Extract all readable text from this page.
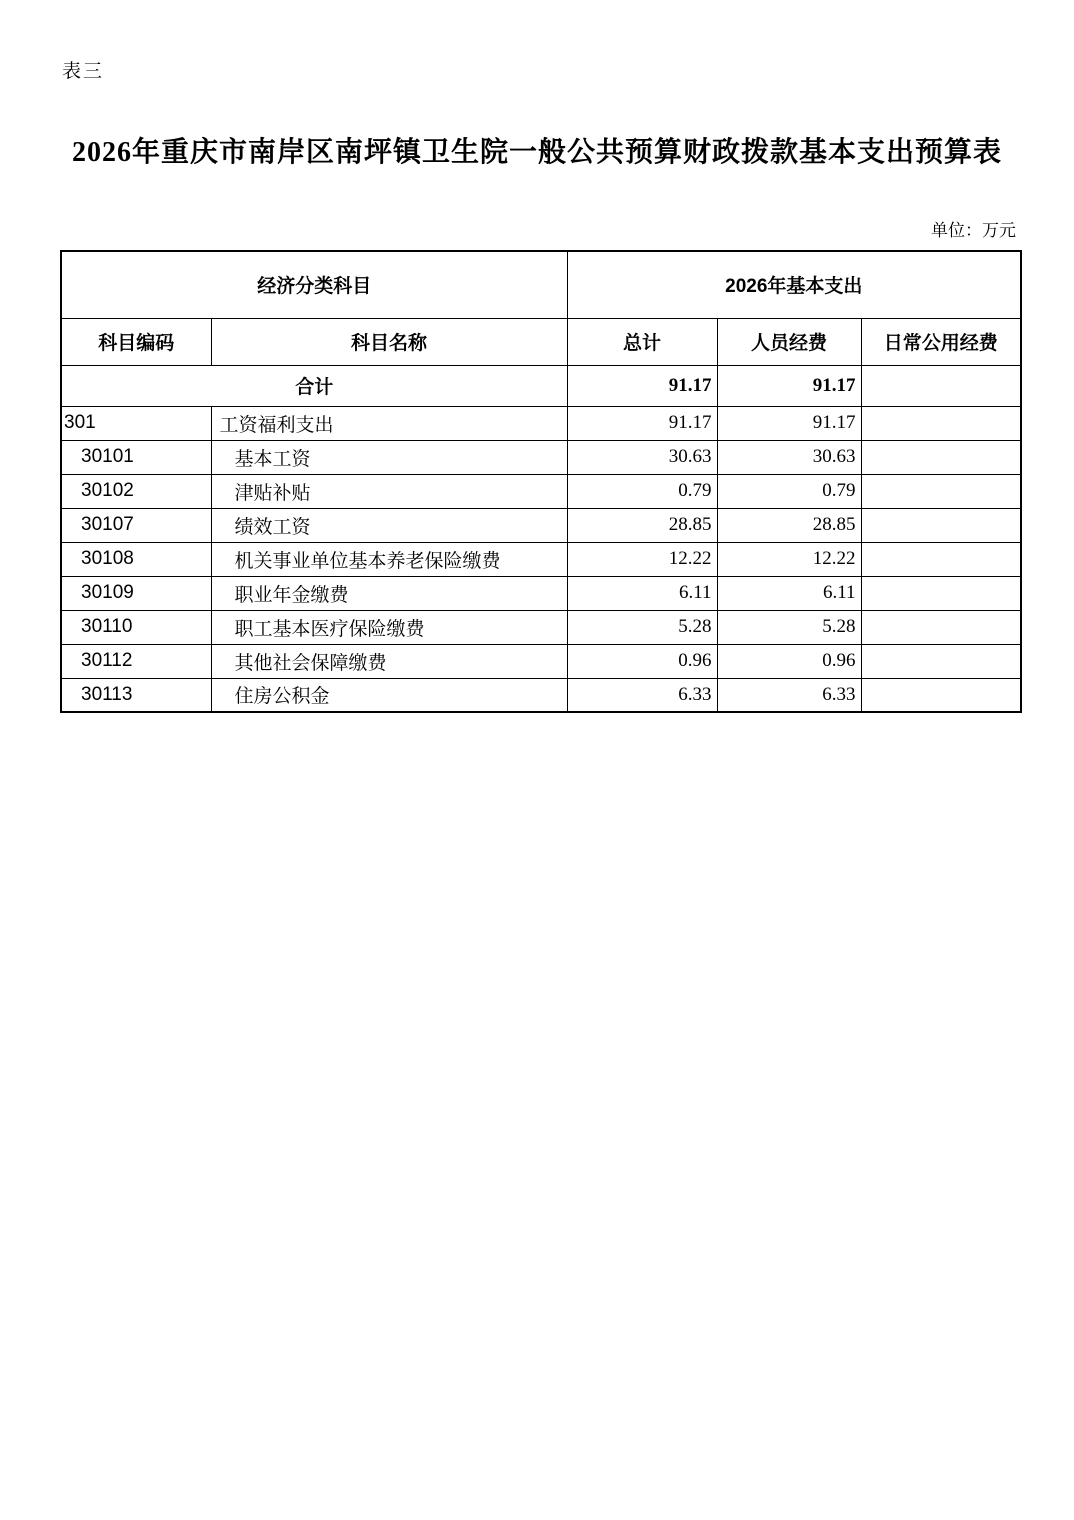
表三
2026年重庆市南岸区南坪镇卫生院一般公共预算财政拨款基本支出预算表
单位：万元
经济分类科目		2026年基本支出		
科目编码	科目名称	总计	人员经费	日常公用经费
合计		91.17	91.17	
301	工资福利支出	91.17	91.17	
30101	基本工资	30.63	30.63	
30102	津贴补贴	0.79	0.79	
30107	绩效工资	28.85	28.85	
30108	机关事业单位基本养老保险缴费	12.22	12.22	
30109	职业年金缴费	6.11	6.11	
30110	职工基本医疗保险缴费	5.28	5.28	
30112	其他社会保障缴费	0.96	0.96	
30113	住房公积金	6.33	6.33	
